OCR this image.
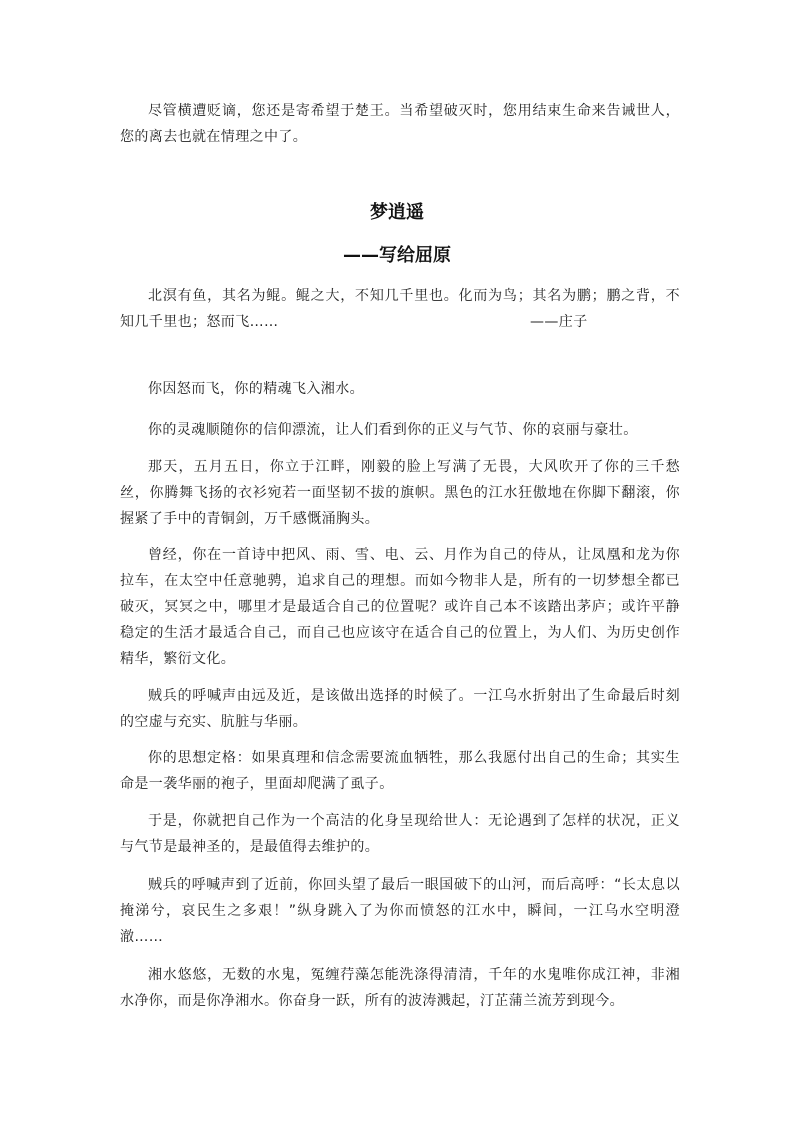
尽管横遭贬谪，您还是寄希望于楚王。当希望破灭时，您用结束生命来告诫世人，您的离去也就在情理之中了。

梦逍遥
——写给屈原

北溟有鱼，其名为鲲。鲲之大，不知几千里也。化而为鸟；其名为鹏；鹏之背，不知几千里也；怒而飞……	——庄子

你因怒而飞，你的精魂飞入湘水。

你的灵魂顺随你的信仰漂流，让人们看到你的正义与气节、你的哀丽与豪壮。

那天，五月五日，你立于江畔，刚毅的脸上写满了无畏，大风吹开了你的三千愁丝，你腾舞飞扬的衣衫宛若一面坚韧不拔的旗帜。黑色的江水狂傲地在你脚下翻滚，你握紧了手中的青铜剑，万千感慨涌胸头。

曾经，你在一首诗中把风、雨、雪、电、云、月作为自己的侍从，让凤凰和龙为你拉车，在太空中任意驰骋，追求自己的理想。而如今物非人是，所有的一切梦想全都已破灭，冥冥之中，哪里才是最适合自己的位置呢？或许自己本不该踏出茅庐；或许平静稳定的生活才最适合自己，而自己也应该守在适合自己的位置上，为人们、为历史创作精华，繁衍文化。

贼兵的呼喊声由远及近，是该做出选择的时候了。一江乌水折射出了生命最后时刻的空虚与充实、肮脏与华丽。

你的思想定格：如果真理和信念需要流血牺牲，那么我愿付出自己的生命；其实生命是一袭华丽的袍子，里面却爬满了虱子。

于是，你就把自己作为一个高洁的化身呈现给世人：无论遇到了怎样的状况，正义与气节是最神圣的，是最值得去维护的。

贼兵的呼喊声到了近前，你回头望了最后一眼国破下的山河，而后高呼：“长太息以掩涕兮，哀民生之多艰！”纵身跳入了为你而愤怒的江水中，瞬间，一江乌水空明澄澈……

湘水悠悠，无数的水鬼，冤缠荇藻怎能洗涤得清清，千年的水鬼唯你成江神，非湘水净你，而是你净湘水。你奋身一跃，所有的波涛溅起，汀芷蒲兰流芳到现今。
